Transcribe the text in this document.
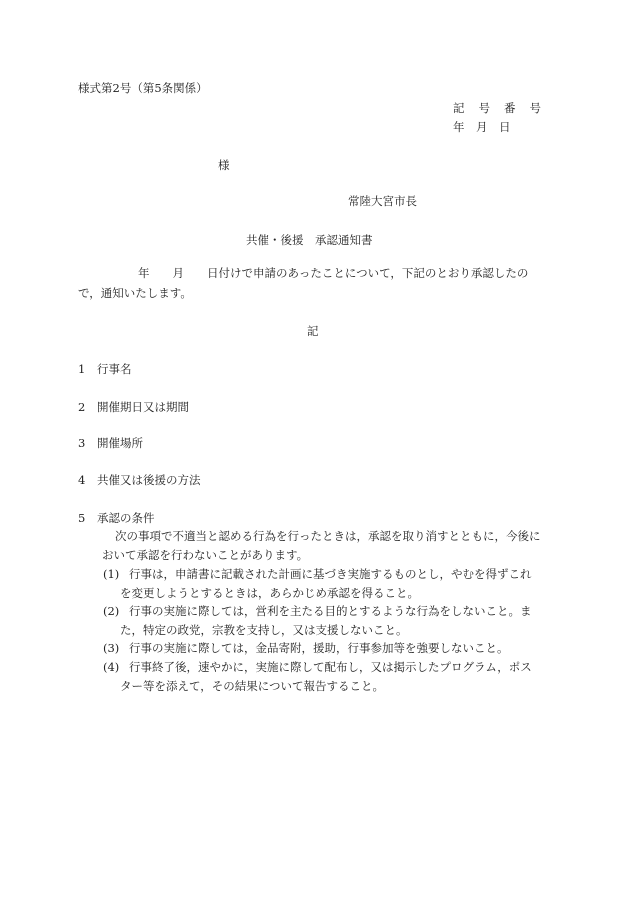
様式第2号（第5条関係）
記 号 番 号
年　月　日
様
常陸大宮市長
共催・後援　承認通知書
年　　月　　日付けで申請のあったことについて，下記のとおり承認したの
で，通知いたします。
記
1 行事名
2 開催期日又は期間
3 開催場所
4 共催又は後援の方法
5 承認の条件
次の事項で不適当と認める行為を行ったときは，承認を取り消すとともに，今後に
おいて承認を行わないことがあります。
(1) 行事は，申請書に記載された計画に基づき実施するものとし，やむを得ずこれ
を変更しようとするときは，あらかじめ承認を得ること。
(2) 行事の実施に際しては，営利を主たる目的とするような行為をしないこと。ま
た，特定の政党，宗教を支持し，又は支援しないこと。
(3) 行事の実施に際しては，金品寄附，援助，行事参加等を強要しないこと。
(4) 行事終了後，速やかに，実施に際して配布し，又は掲示したプログラム，ポス
ター等を添えて，その結果について報告すること。
